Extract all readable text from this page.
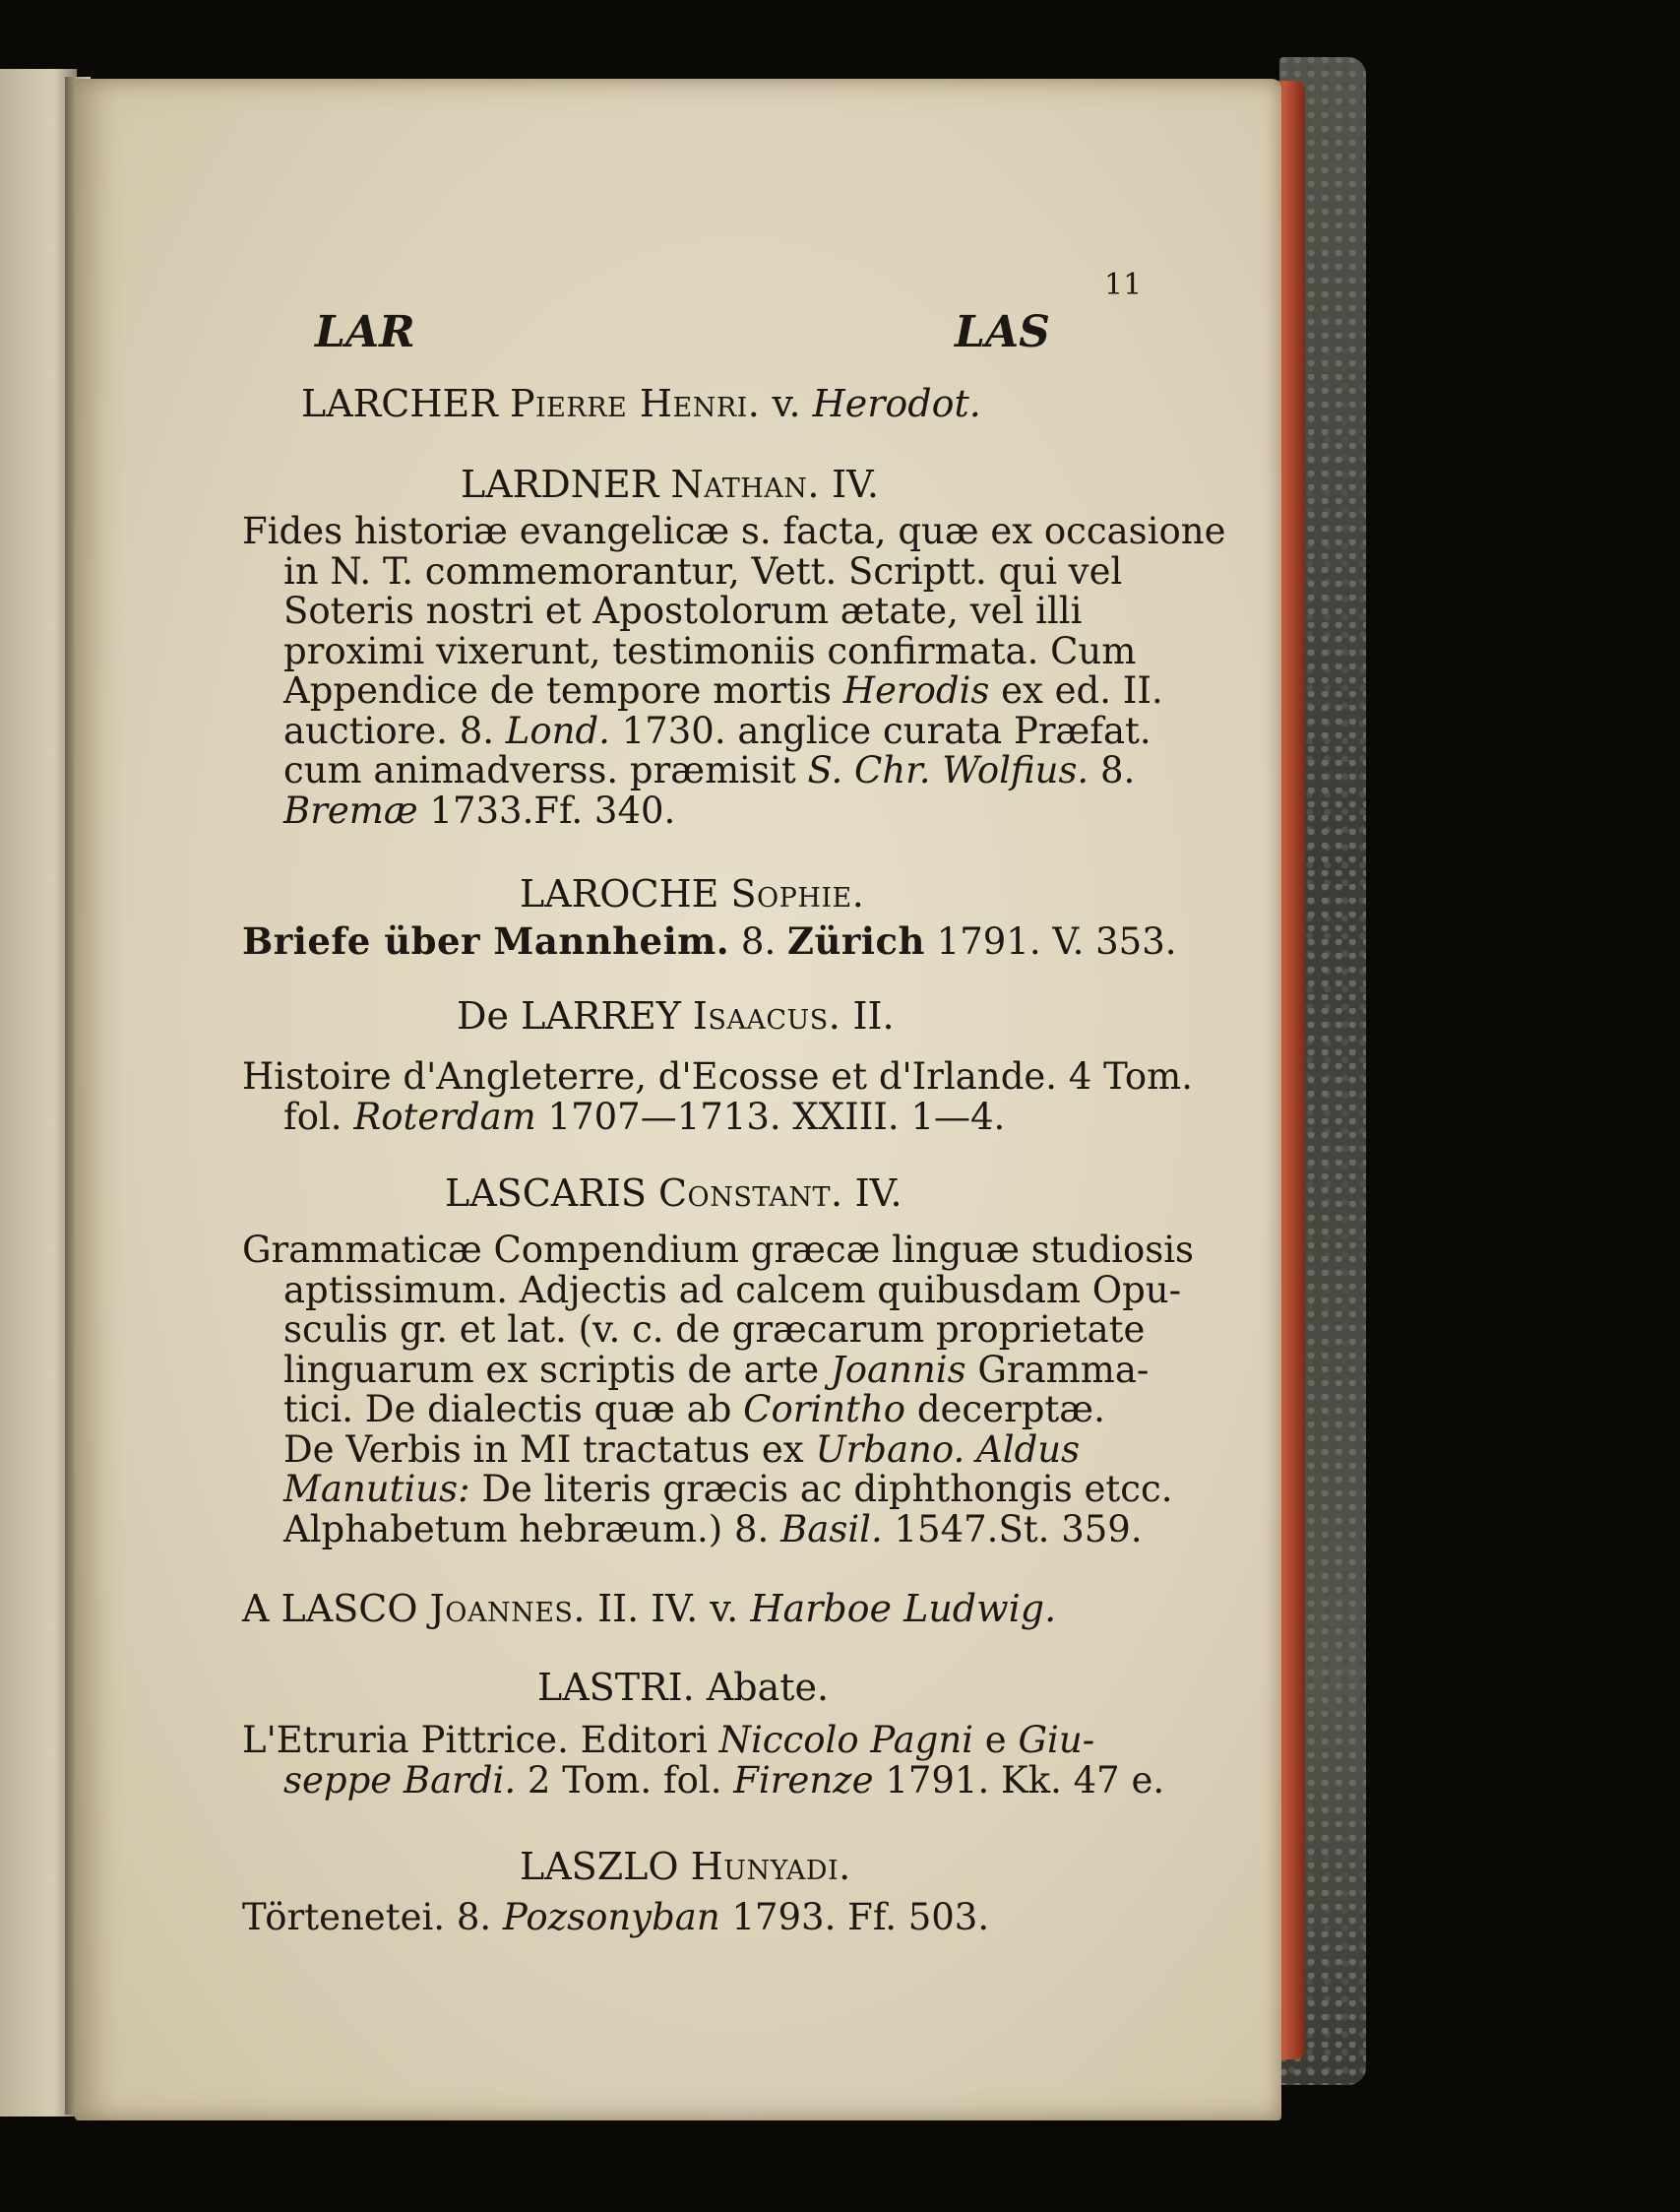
11
LAR	LAS
LARCHER Pierre Henri. v. Herodot.
LARDNER Nathan. IV.
Fides historiæ evangelicæ s. facta, quæ ex occasione
in N. T. commemorantur, Vett. Scriptt. qui vel
Soteris nostri et Apostolorum ætate, vel illi
proximi vixerunt, testimoniis confirmata. Cum
Appendice de tempore mortis Herodis ex ed. II.
auctiore. 8. Lond. 1730. anglice curata Præfat.
cum animadverss. præmisit S. Chr. Wolfius. 8.
Bremæ 1733.Ff. 340.
LAROCHE Sophie.
Briefe über Mannheim. 8. Zürich 1791. V. 353.
De LARREY Isaacus. II.
Histoire d'Angleterre, d'Ecosse et d'Irlande. 4 Tom.
fol. Roterdam 1707—1713. XXIII. 1—4.
LASCARIS Constant. IV.
Grammaticæ Compendium græcæ linguæ studiosis
aptissimum. Adjectis ad calcem quibusdam Opu-
sculis gr. et lat. (v. c. de græcarum proprietate
linguarum ex scriptis de arte Joannis Gramma-
tici. De dialectis quæ ab Corintho decerptæ.
De Verbis in MI tractatus ex Urbano. Aldus
Manutius: De literis græcis ac diphthongis etcc.
Alphabetum hebræum.) 8. Basil. 1547.St. 359.
A LASCO Joannes. II. IV. v. Harboe Ludwig.
LASTRI. Abate.
L'Etruria Pittrice. Editori Niccolo Pagni e Giu-
seppe Bardi. 2 Tom. fol. Firenze 1791. Kk. 47 e.
LASZLO Hunyadi.
Törtenetei. 8. Pozsonyban 1793. Ff. 503.
